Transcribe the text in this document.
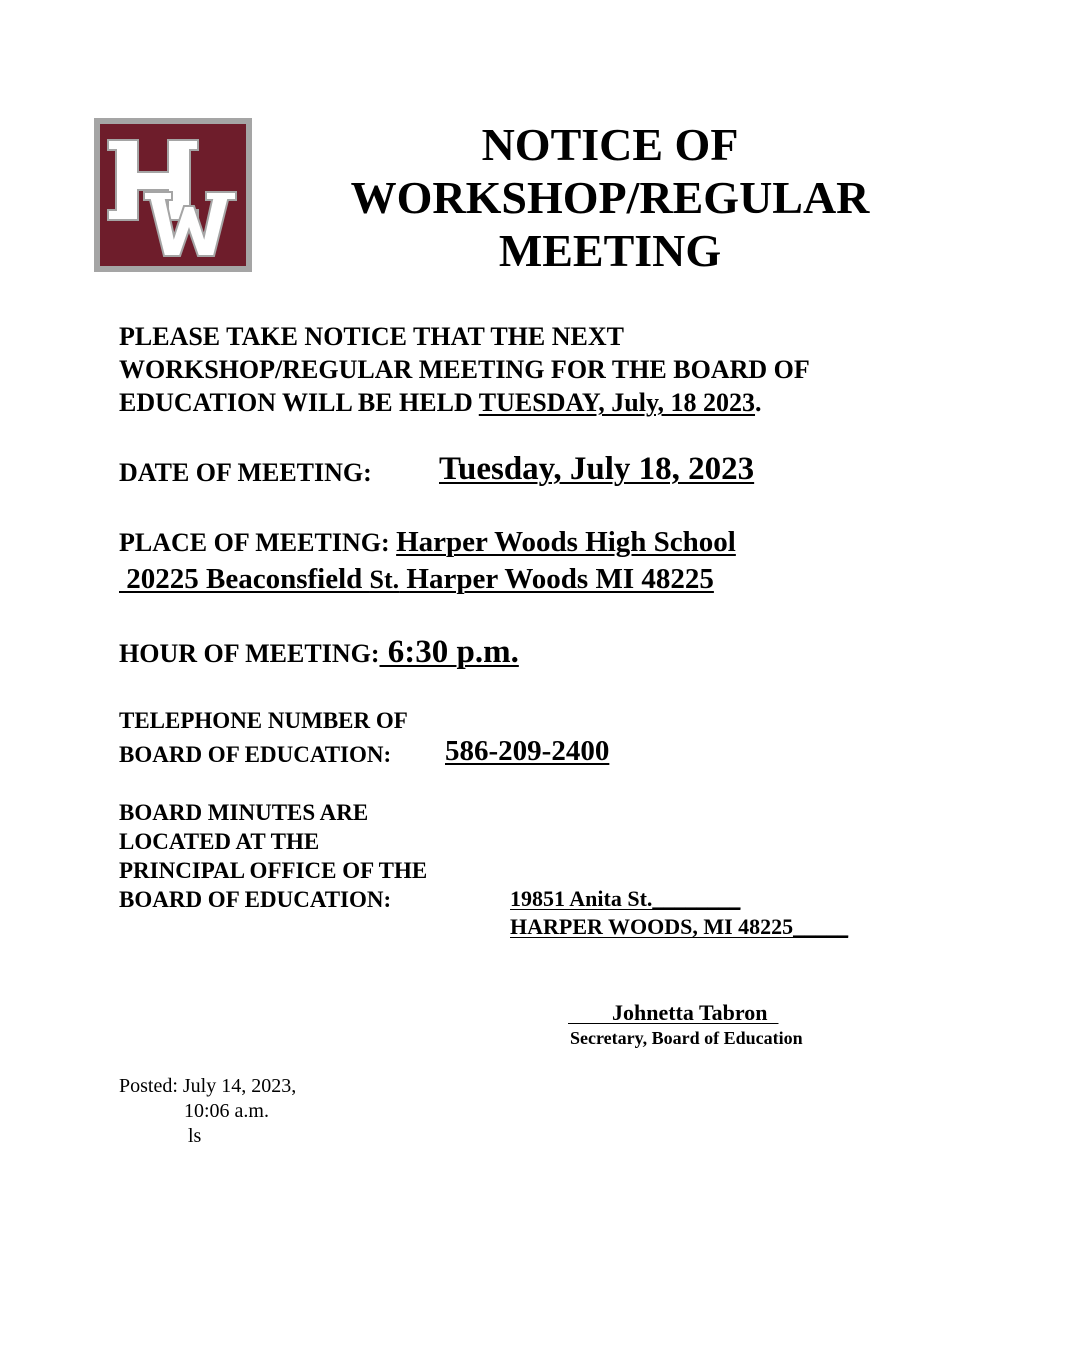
NOTICE OF
WORKSHOP/REGULAR
MEETING
PLEASE TAKE NOTICE THAT THE NEXT
WORKSHOP/REGULAR MEETING FOR THE BOARD OF
EDUCATION WILL BE HELD TUESDAY, July, 18 2023.
DATE OF MEETING: Tuesday, July 18, 2023
PLACE OF MEETING: Harper Woods High School
20225 Beaconsfield St. Harper Woods MI 48225
HOUR OF MEETING: 6:30 p.m.
TELEPHONE NUMBER OF
BOARD OF EDUCATION: 586-209-2400
BOARD MINUTES ARE
LOCATED AT THE
PRINCIPAL OFFICE OF THE
BOARD OF EDUCATION:	19851 Anita St.________
HARPER WOODS, MI 48225_____
Johnetta Tabron
Secretary, Board of Education
Posted: July 14, 2023,
10:06 a.m.
ls
